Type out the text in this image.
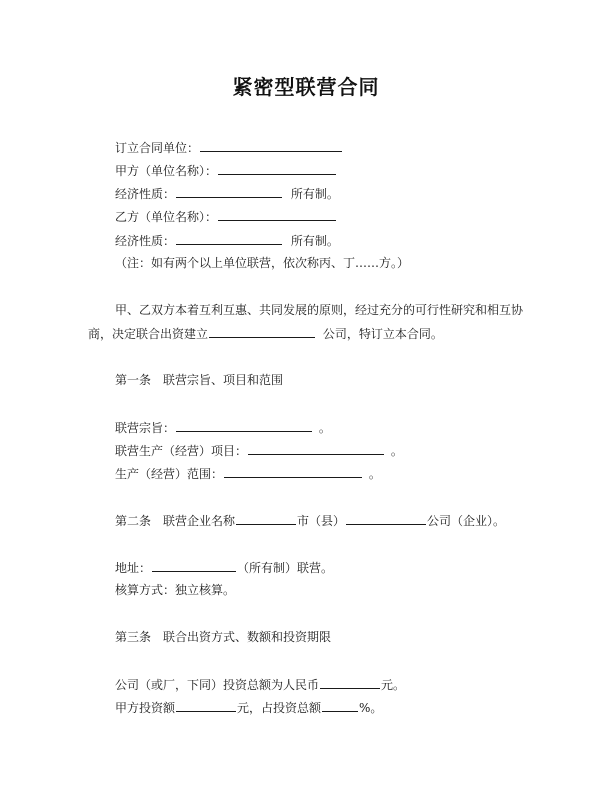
紧密型联营合同
订立合同单位：
甲方（单位名称）：
经济性质：	所有制。
乙方（单位名称）：
经济性质：	所有制。
（注：如有两个以上单位联营，依次称丙、丁……方。）
甲、乙双方本着互利互惠、共同发展的原则，经过充分的可行性研究和相互协
商，决定联合出资建立	公司，特订立本合同。
第一条　联营宗旨、项目和范围
联营宗旨：	。
联营生产（经营）项目：	。
生产（经营）范围：	。
第二条　联营企业名称	市（县）	公司（企业）。
地址：	（所有制）联营。
核算方式：独立核算。
第三条　联合出资方式、数额和投资期限
公司（或厂，下同）投资总额为人民币	元。
甲方投资额	元，占投资总额	%。
